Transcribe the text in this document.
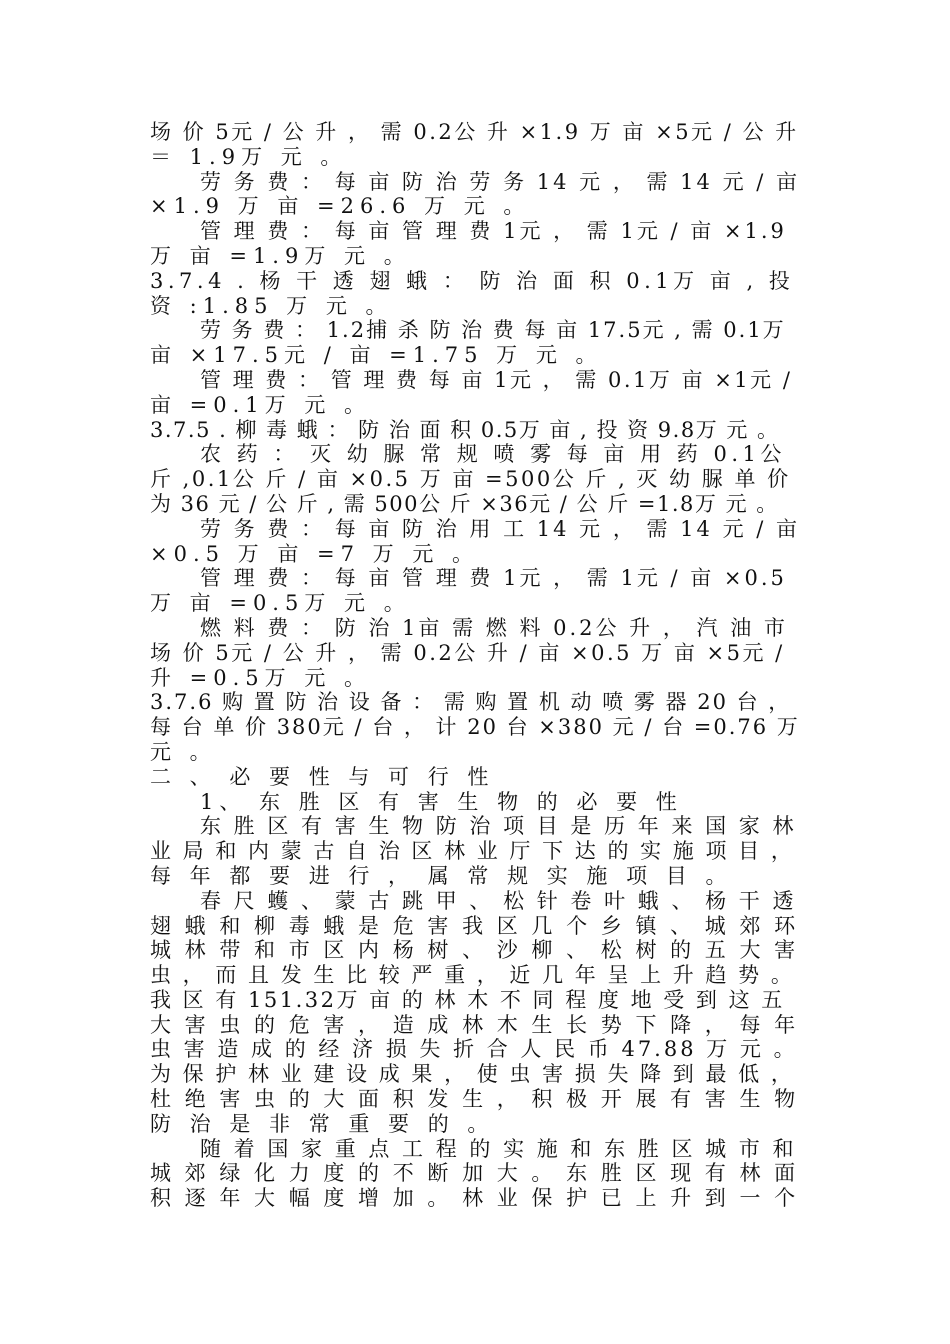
场 价 5元 / 公 升 ， 需 0.2公 升 ×1.9 万 亩 ×5元 / 公 升
＝ 1.9万 元 。
劳 务 费 ： 每 亩 防 治 劳 务 14 元 ， 需 14 元 / 亩
×1.9 万 亩 =26.6 万 元 。
管 理 费 ： 每 亩 管 理 费 1元 ， 需 1元 / 亩 ×1.9
万 亩 =1.9万 元 。
3.7.4 . 杨 干 透 翅 蛾 ： 防 治 面 积 0.1万 亩 , 投
资 :1.85 万 元 。
劳 务 费 ： 1.2捕 杀 防 治 费 每 亩 17.5元 , 需 0.1万
亩 ×17.5元 / 亩 =1.75 万 元 。
管 理 费 ： 管 理 费 每 亩 1元 ， 需 0.1万 亩 ×1元 /
亩 =0.1万 元 。
3.7.5 . 柳 毒 蛾 ： 防 治 面 积 0.5万 亩 , 投 资 9.8万 元 。
农 药 ： 灭 幼 脲 常 规 喷 雾 每 亩 用 药 0.1公
斤 ,0.1公 斤 / 亩 ×0.5 万 亩 =500公 斤 , 灭 幼 脲 单 价
为 36 元 / 公 斤 , 需 500公 斤 ×36元 / 公 斤 =1.8万 元 。
劳 务 费 ： 每 亩 防 治 用 工 14 元 ， 需 14 元 / 亩
×0.5 万 亩 =7 万 元 。
管 理 费 ： 每 亩 管 理 费 1元 ， 需 1元 / 亩 ×0.5
万 亩 =0.5万 元 。
燃 料 费 ： 防 治 1亩 需 燃 料 0.2公 升 ， 汽 油 市
场 价 5元 / 公 升 ， 需 0.2公 升 / 亩 ×0.5 万 亩 ×5元 /
升 =0.5万 元 。
3.7.6 购 置 防 治 设 备 ： 需 购 置 机 动 喷 雾 器 20 台 ，
每 台 单 价 380元 / 台 ， 计 20 台 ×380 元 / 台 =0.76 万
元 。
二 、 必 要 性 与 可 行 性
1、 东 胜 区 有 害 生 物 的 必 要 性
东 胜 区 有 害 生 物 防 治 项 目 是 历 年 来 国 家 林
业 局 和 内 蒙 古 自 治 区 林 业 厅 下 达 的 实 施 项 目 ，
每 年 都 要 进 行 ， 属 常 规 实 施 项 目 。
春 尺 蠖 、 蒙 古 跳 甲 、 松 针 卷 叶 蛾 、 杨 干 透
翅 蛾 和 柳 毒 蛾 是 危 害 我 区 几 个 乡 镇 、 城 郊 环
城 林 带 和 市 区 内 杨 树 、 沙 柳 、 松 树 的 五 大 害
虫 ， 而 且 发 生 比 较 严 重 ， 近 几 年 呈 上 升 趋 势 。
我 区 有 151.32万 亩 的 林 木 不 同 程 度 地 受 到 这 五
大 害 虫 的 危 害 ， 造 成 林 木 生 长 势 下 降 ， 每 年
虫 害 造 成 的 经 济 损 失 折 合 人 民 币 47.88 万 元 。
为 保 护 林 业 建 设 成 果 ， 使 虫 害 损 失 降 到 最 低 ，
杜 绝 害 虫 的 大 面 积 发 生 ， 积 极 开 展 有 害 生 物
防 治 是 非 常 重 要 的 。
随 着 国 家 重 点 工 程 的 实 施 和 东 胜 区 城 市 和
城 郊 绿 化 力 度 的 不 断 加 大 。 东 胜 区 现 有 林 面
积 逐 年 大 幅 度 增 加 。 林 业 保 护 已 上 升 到 一 个
